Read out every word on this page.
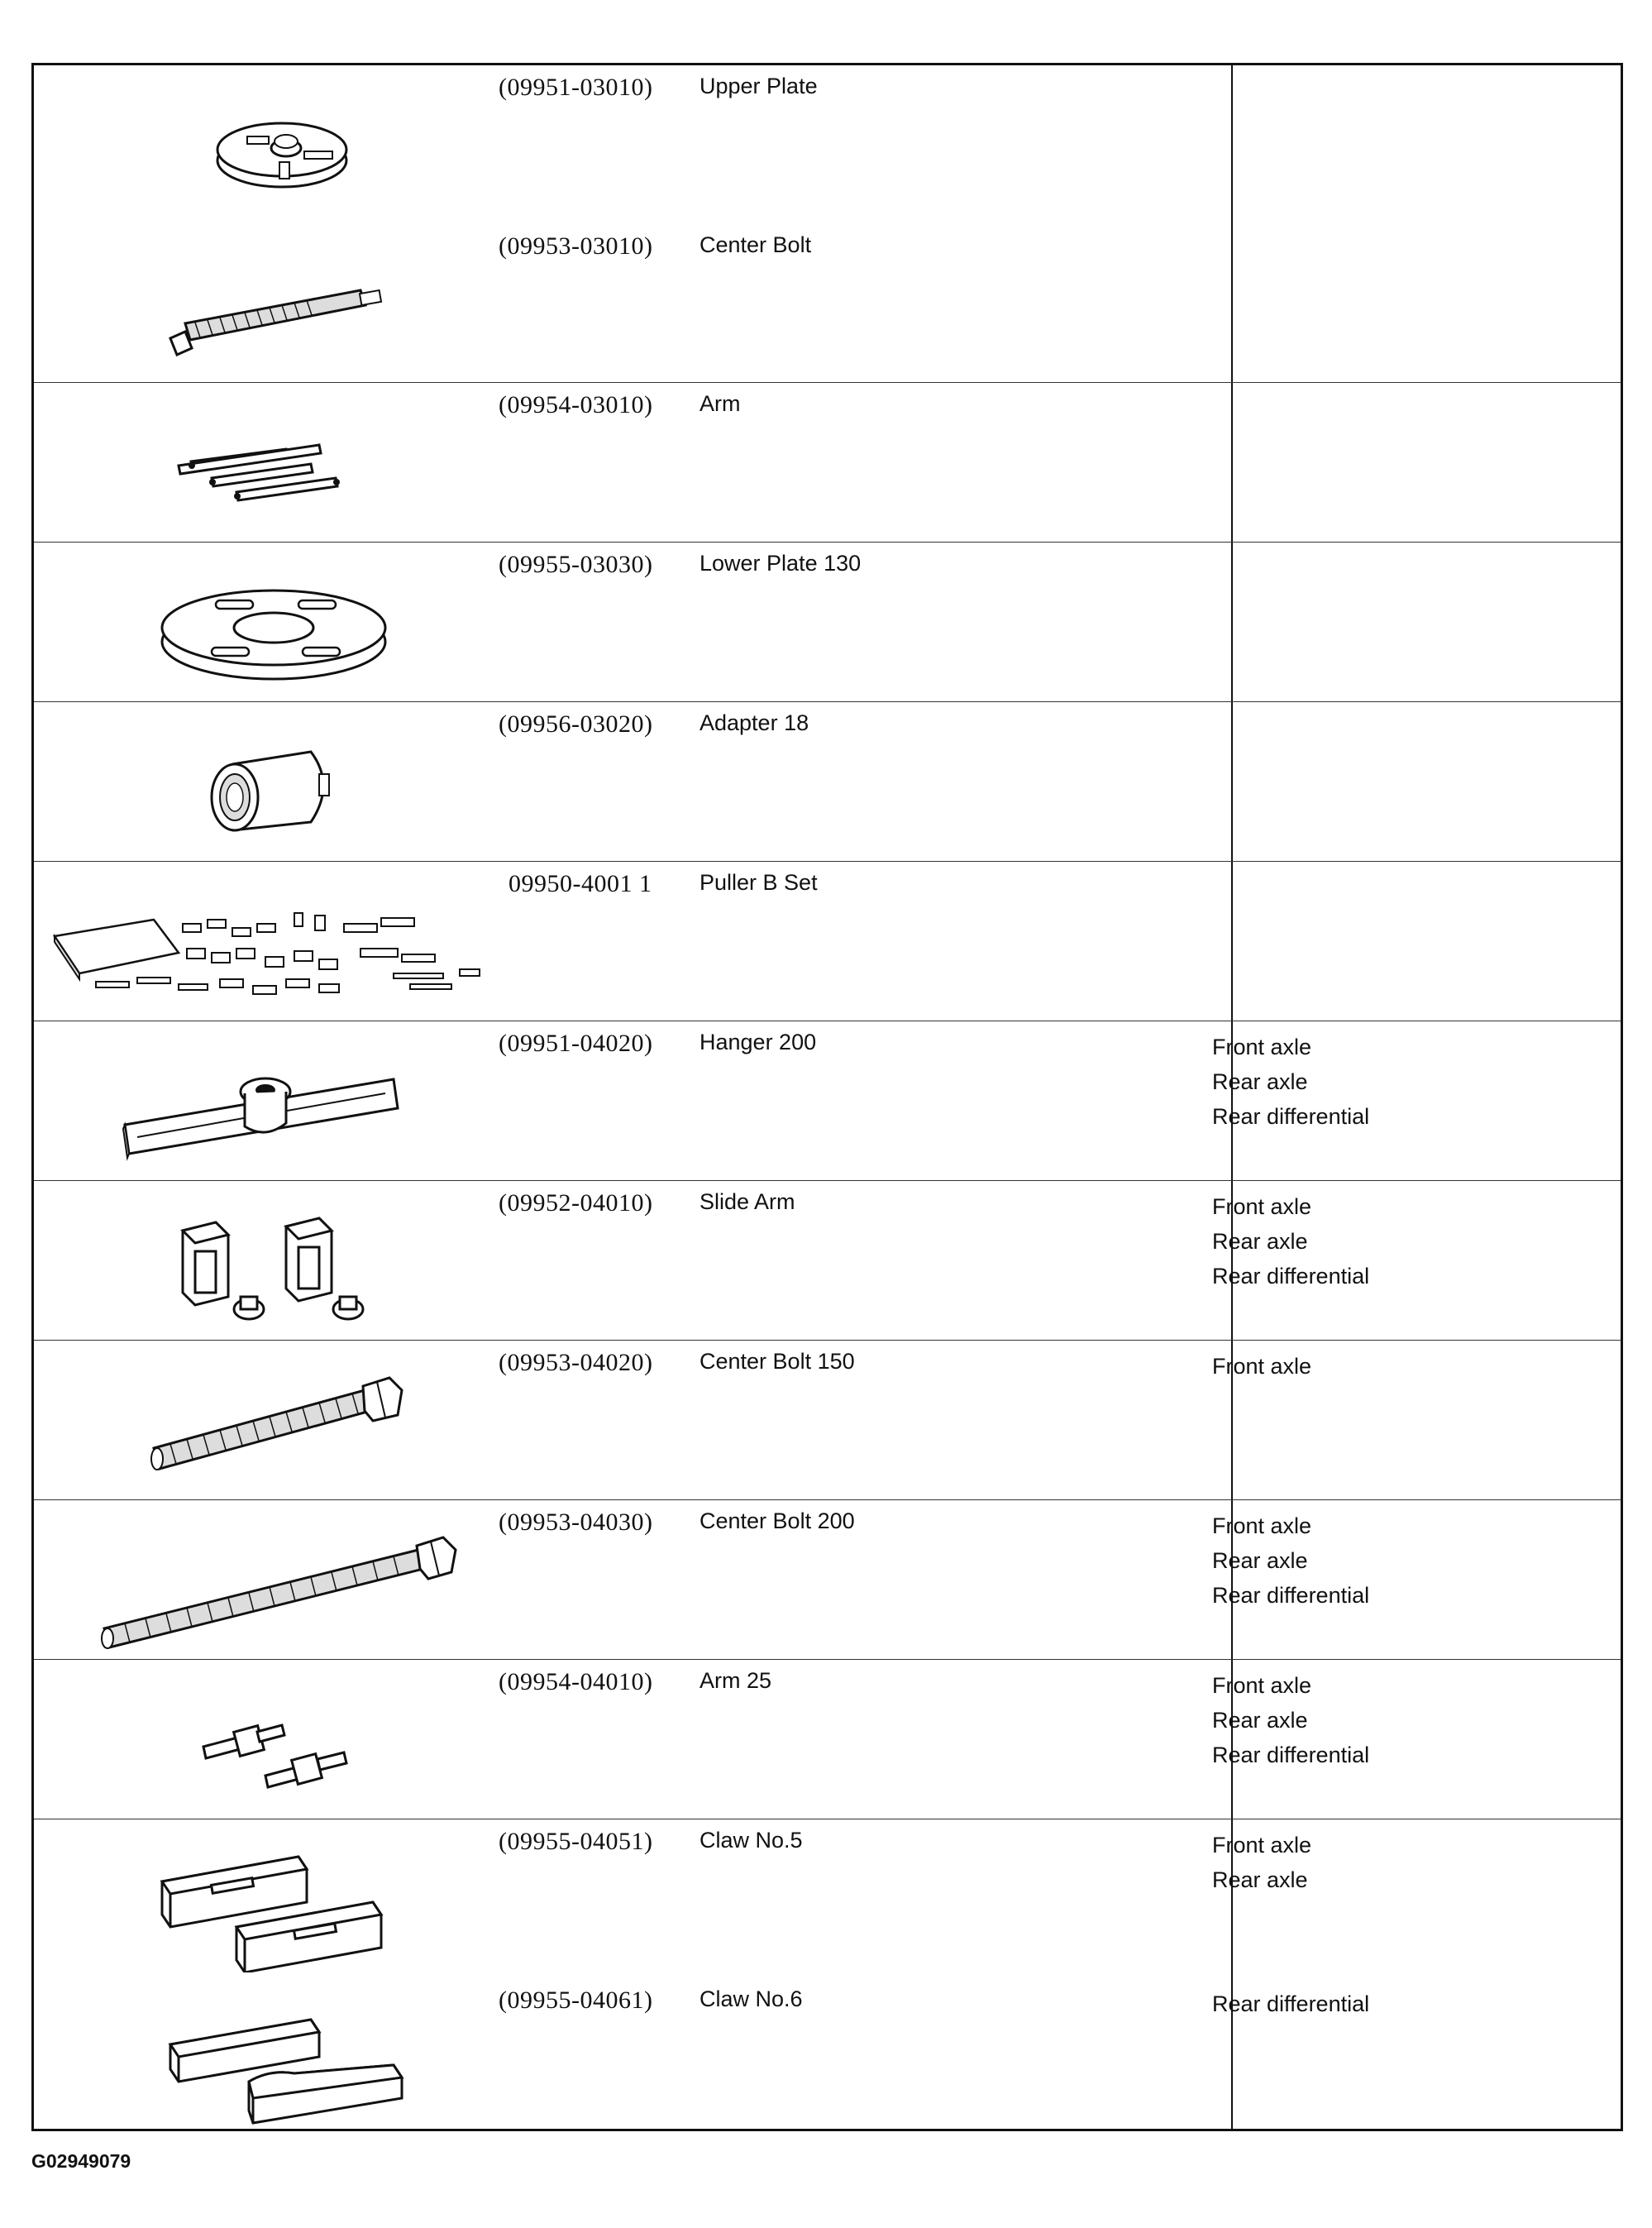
(09951-03010)	Upper Plate
(09953-03010)	Center Bolt
(09954-03010)	Arm
(09955-03030)	Lower Plate 130
(09956-03020)	Adapter 18
09950-4001 1	Puller B Set
(09951-04020)	Hanger 200	Front axle
Rear axle
Rear differential
(09952-04010)	Slide Arm	Front axle
Rear axle
Rear differential
(09953-04020)	Center Bolt 150	Front axle
(09953-04030)	Center Bolt 200	Front axle
Rear axle
Rear differential
(09954-04010)	Arm 25	Front axle
Rear axle
Rear differential
(09955-04051)	Claw No.5	Front axle
Rear axle
(09955-04061)	Claw No.6	Rear differential
G02949079
